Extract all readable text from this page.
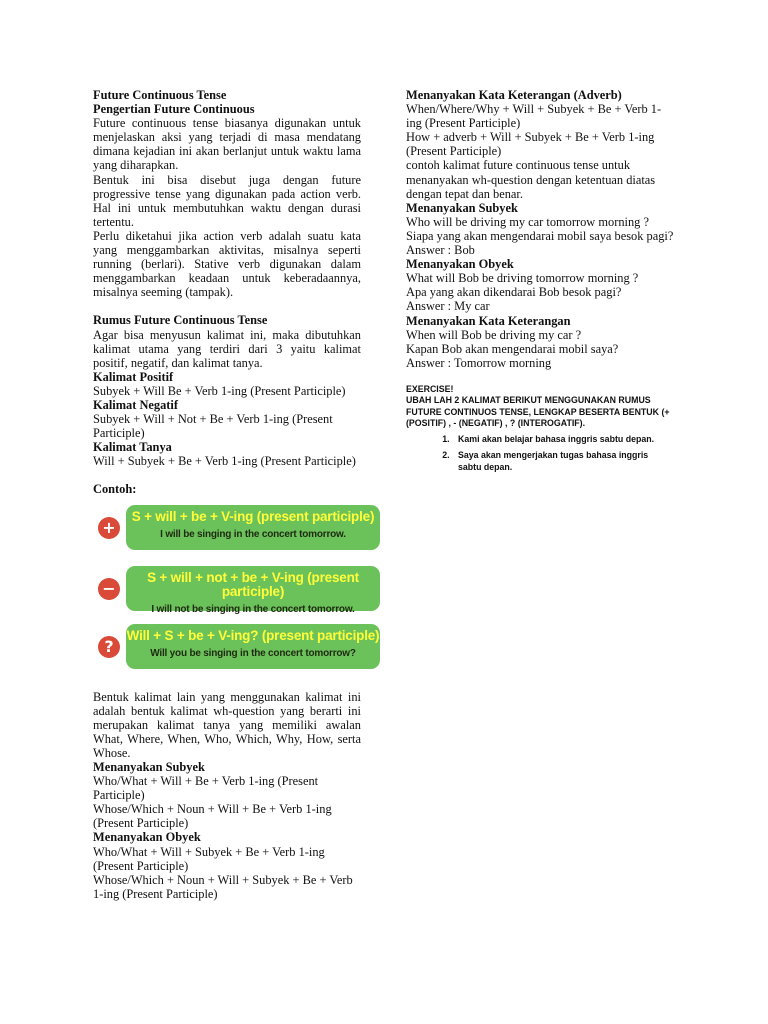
Future Continuous Tense

Pengertian Future Continuous

Future continuous tense biasanya digunakan untuk menjelaskan aksi yang terjadi di masa mendatang dimana kejadian ini akan berlanjut untuk waktu lama yang diharapkan.

Bentuk ini bisa disebut juga dengan future progressive tense yang digunakan pada action verb. Hal ini untuk membutuhkan waktu dengan durasi tertentu.

Perlu diketahui jika action verb adalah suatu kata yang menggambarkan aktivitas, misalnya seperti running (berlari). Stative verb digunakan dalam menggambarkan keadaan untuk keberadaannya, misalnya seeming (tampak).

Rumus Future Continuous Tense

Agar bisa menyusun kalimat ini, maka dibutuhkan kalimat utama yang terdiri dari 3 yaitu kalimat positif, negatif, dan kalimat tanya.

Kalimat Positif

Subyek + Will Be + Verb 1-ing (Present Participle)

Kalimat Negatif

Subyek + Will + Not + Be + Verb 1-ing (Present Participle)

Kalimat Tanya

Will + Subyek + Be + Verb 1-ing (Present Participle)

Contoh:

+
S + will + be + V-ing (present participle)
I will be singing in the concert tomorrow.
−
S + will + not + be + V-ing (present participle)
I will not be singing in the concert tomorrow.
?
Will + S + be + V-ing? (present participle)
Will you be singing in the concert tomorrow?

Bentuk kalimat lain yang menggunakan kalimat ini adalah bentuk kalimat wh-question yang berarti ini merupakan kalimat tanya yang memiliki awalan What, Where, When, Who, Which, Why, How, serta Whose.

Menanyakan Subyek

Who/What + Will + Be + Verb 1-ing (Present Participle)

Whose/Which + Noun + Will + Be + Verb 1-ing (Present Participle)

Menanyakan Obyek

Who/What + Will + Subyek + Be + Verb 1-ing (Present Participle)

Whose/Which + Noun + Will + Subyek + Be + Verb 1-ing (Present Participle)

Menanyakan Kata Keterangan (Adverb)

When/Where/Why + Will + Subyek + Be + Verb 1-ing (Present Participle)

How + adverb + Will + Subyek + Be + Verb 1-ing (Present Participle)

contoh kalimat future continuous tense untuk menanyakan wh-question dengan ketentuan diatas dengan tepat dan benar.

Menanyakan Subyek

Who will be driving my car tomorrow morning ?

Siapa yang akan mengendarai mobil saya besok pagi?

Answer : Bob

Menanyakan Obyek

What will Bob be driving tomorrow morning ?

Apa yang akan dikendarai Bob besok pagi?

Answer : My car

Menanyakan Kata Keterangan

When will Bob be driving my car ?

Kapan Bob akan mengendarai mobil saya?

Answer : Tomorrow morning

EXERCISE!

UBAH LAH 2 KALIMAT BERIKUT MENGGUNAKAN RUMUS FUTURE CONTINUOS TENSE, LENGKAP BESERTA BENTUK (+ (POSITIF) , - (NEGATIF) , ? (INTEROGATIF).

1. Kami akan belajar bahasa inggris sabtu depan.
2. Saya akan mengerjakan tugas bahasa inggris sabtu depan.
